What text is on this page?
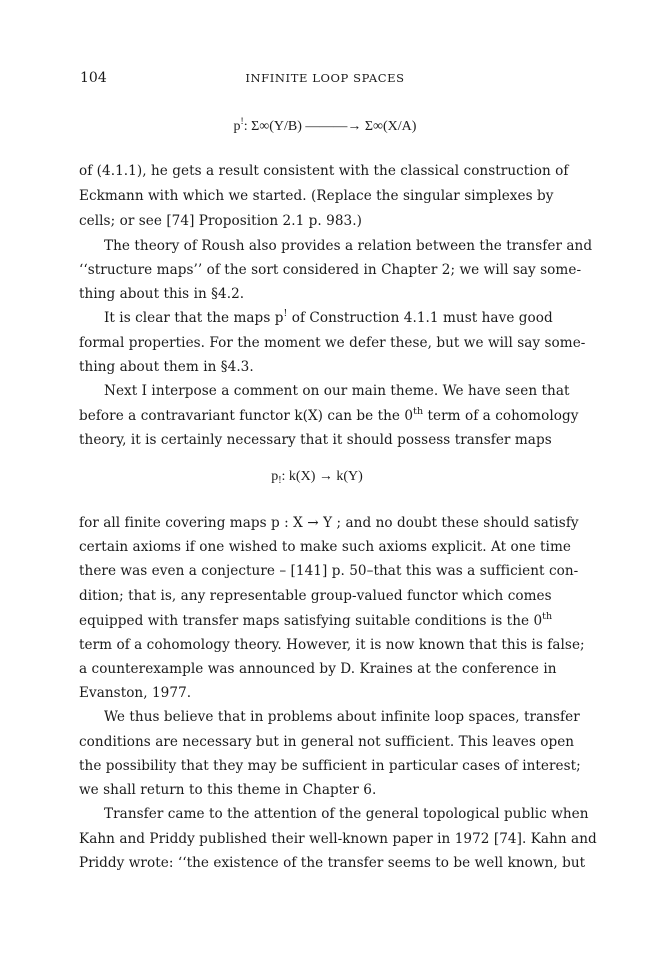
104	INFINITE LOOP SPACES
p!: Σ∞(Y/B) ———→ Σ∞(X/A)
of (4.1.1), he gets a result consistent with the classical construction of
Eckmann with which we started. (Replace the singular simplexes by
cells; or see [74] Proposition 2.1 p. 983.)
The theory of Roush also provides a relation between the transfer and
‘‘structure maps’’ of the sort considered in Chapter 2; we will say some-
thing about this in §4.2.
It is clear that the maps p! of Construction 4.1.1 must have good
formal properties. For the moment we defer these, but we will say some-
thing about them in §4.3.
Next I interpose a comment on our main theme. We have seen that
before a contravariant functor k(X) can be the 0th term of a cohomology
theory, it is certainly necessary that it should possess transfer maps
$p_!$: k(X) → k(Y)
for all finite covering maps p : X → Y ; and no doubt these should satisfy
certain axioms if one wished to make such axioms explicit. At one time
there was even a conjecture – [141] p. 50–that this was a sufficient con-
dition; that is, any representable group-valued functor which comes
equipped with transfer maps satisfying suitable conditions is the 0th
term of a cohomology theory. However, it is now known that this is false;
a counterexample was announced by D. Kraines at the conference in
Evanston, 1977.
We thus believe that in problems about infinite loop spaces, transfer
conditions are necessary but in general not sufficient. This leaves open
the possibility that they may be sufficient in particular cases of interest;
we shall return to this theme in Chapter 6.
Transfer came to the attention of the general topological public when
Kahn and Priddy published their well-known paper in 1972 [74]. Kahn and
Priddy wrote: ‘‘the existence of the transfer seems to be well known, but
